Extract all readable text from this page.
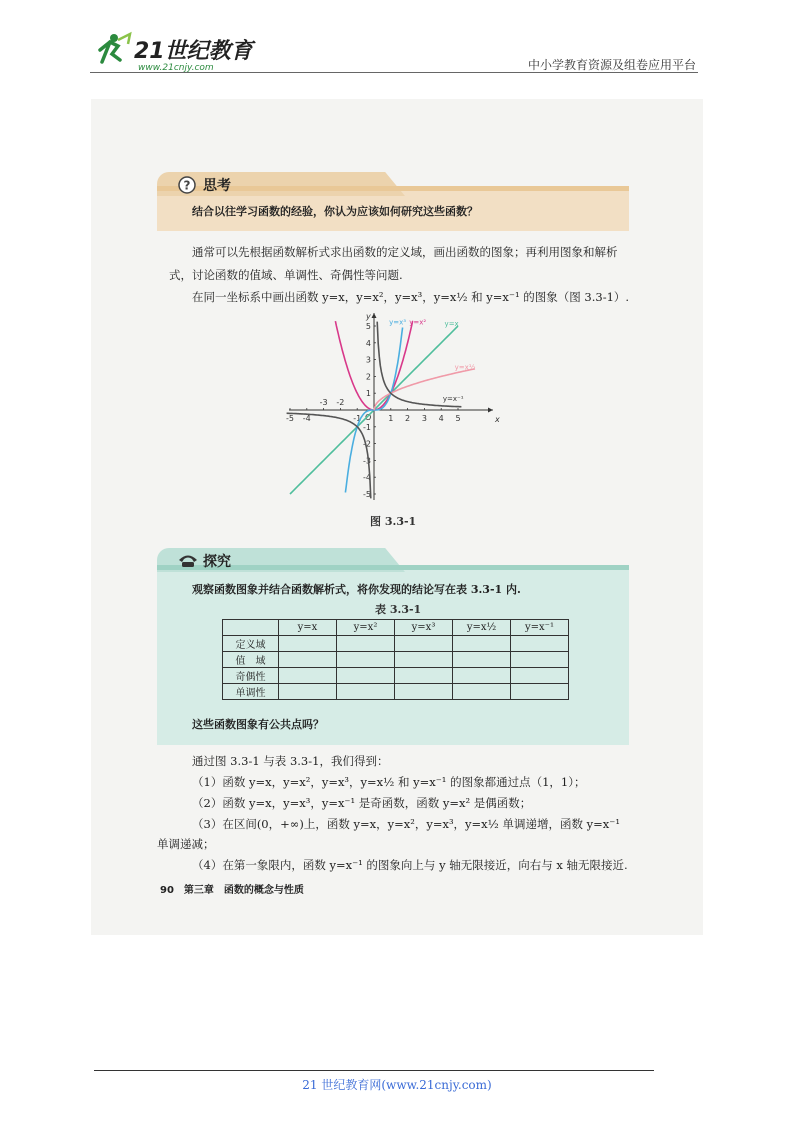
21世纪教育
www.21cnjy.com	中小学教育资源及组卷应用平台
? 思考
结合以往学习函数的经验，你认为应该如何研究这些函数？
通常可以先根据函数解析式求出函数的定义域，画出函数的图象；再利用图象和解析
式，讨论函数的值域、单调性、奇偶性等问题.
在同一坐标系中画出函数 y=x，y=x²，y=x³，y=x½ 和 y=x⁻¹ 的图象（图 3.3-1）.
x
y
O
-5 -4
-3 -2
-1	1 2 3 4 5
5
4
3
2
1
-1
-2
-3
-4
-5
y=x³ y=x²	y=x
y=x½
y=x⁻¹
图 3.3-1
探究
观察函数图象并结合函数解析式，将你发现的结论写在表 3.3-1 内.
表 3.3-1
	y=x	y=x²	y=x³	y=x½	y=x⁻¹
定义域					
值　域					
奇偶性					
单调性					
这些函数图象有公共点吗？
通过图 3.3-1 与表 3.3-1，我们得到：
（1）函数 y=x，y=x²，y=x³，y=x½ 和 y=x⁻¹ 的图象都通过点（1，1）；
（2）函数 y=x，y=x³，y=x⁻¹ 是奇函数，函数 y=x² 是偶函数；
（3）在区间(0，+∞)上，函数 y=x，y=x²，y=x³，y=x½ 单调递增，函数 y=x⁻¹
单调递减；
（4）在第一象限内，函数 y=x⁻¹ 的图象向上与 y 轴无限接近，向右与 x 轴无限接近.
90　第三章　函数的概念与性质
21 世纪教育网(www.21cnjy.com)
